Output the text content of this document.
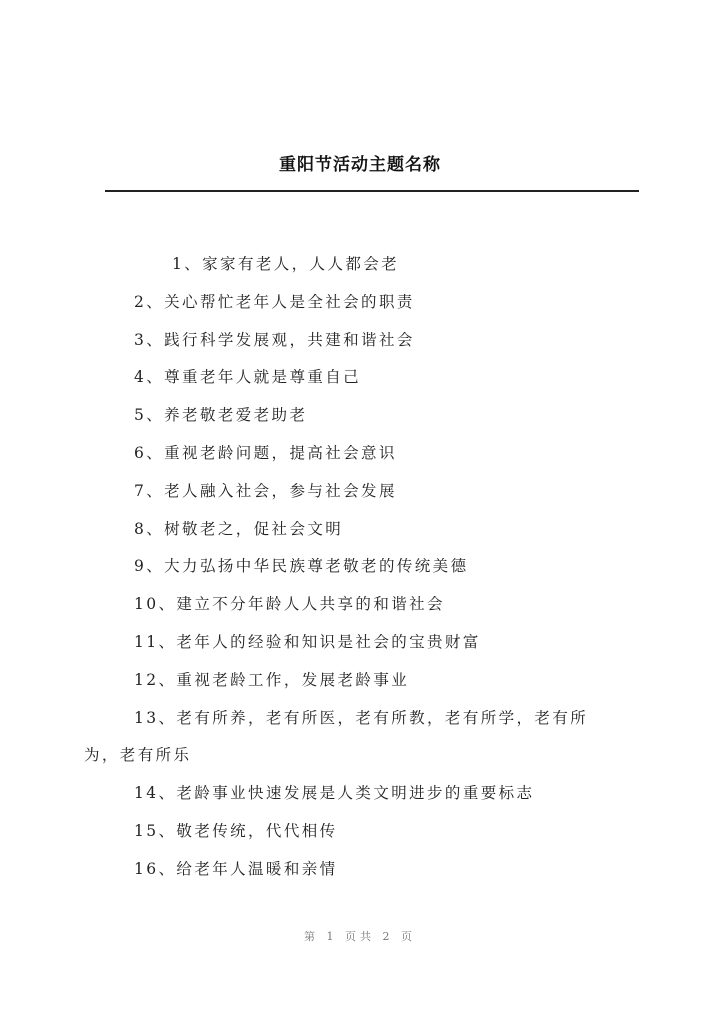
重阳节活动主题名称
1、家家有老人，人人都会老
2、关心帮忙老年人是全社会的职责
3、践行科学发展观，共建和谐社会
4、尊重老年人就是尊重自己
5、养老敬老爱老助老
6、重视老龄问题，提高社会意识
7、老人融入社会，参与社会发展
8、树敬老之，促社会文明
9、大力弘扬中华民族尊老敬老的传统美德
10、建立不分年龄人人共享的和谐社会
11、老年人的经验和知识是社会的宝贵财富
12、重视老龄工作，发展老龄事业
13、老有所养，老有所医，老有所教，老有所学，老有所
为，老有所乐
14、老龄事业快速发展是人类文明进步的重要标志
15、敬老传统，代代相传
16、给老年人温暖和亲情
第 1 页共 2 页
